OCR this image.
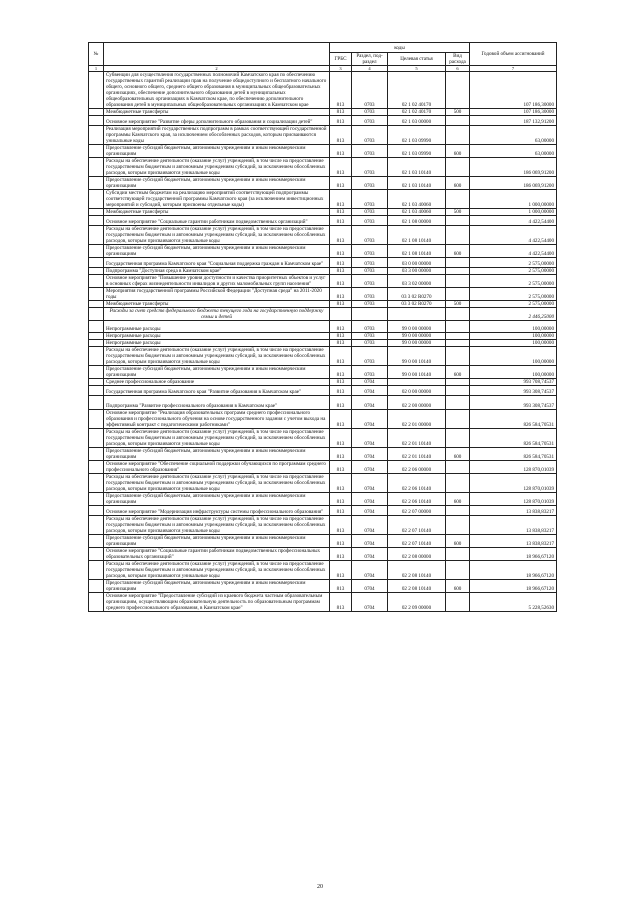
№		коды				Годовой объем ассигнований
		ГРБС	Раздел, под-раздел	Целевая статья	Вид расхода	
1	2	3	4	5	6	7
	Субвенции для осуществления государственных полномочий Камчатского края по обеспечению государственных гарантий реализации прав на получение общедоступного и бесплатного начального общего, основного общего, среднего общего образования в муниципальных общеобразовательных организациях, обеспечение дополнительного образования детей в муниципальных общеобразовательных организациях в Камчатском крае, по обеспечению дополнительного образования детей в муниципальных общеобразовательных организациях в Камчатском крае	813	0703	02 1 02 40170		107 186,30000
	Межбюджетные трансферты	813	0703	02 1 02 40170	500	107 186,30000
	Основное мероприятие "Развитие сферы дополнительного образования и социализации детей"	813	0703	02 1 03 00000		187 132,91200
	Реализация мероприятий государственных подпрограмм в рамках соответствующей государственной программы Камчатского края, за исключением обособленных расходов, которым присваиваются уникальные коды	813	0703	02 1 03 09990		63,00000
	Предоставление субсидий бюджетным, автономным учреждениям и иным некоммерческим организациям	813	0703	02 1 03 09990	600	63,00000
	Расходы на обеспечение деятельности (оказание услуг) учреждений, в том числе на предоставление государственным бюджетным и автономным учреждениям субсидий, за исключением обособленных расходов, которым присваиваются уникальные коды	813	0703	02 1 03 10140		186 069,91200
	Предоставление субсидий бюджетным, автономным учреждениям и иным некоммерческим организациям	813	0703	02 1 03 10140	600	186 069,91200
	Субсидии местным бюджетам на реализацию мероприятий соответствующей подпрограммы соответствующей государственной программы Камчатского края (за исключением инвестиционных мероприятий и субсидий, которым присвоены отдельные коды)	813	0703	02 1 03 40060		1 000,00000
	Межбюджетные трансферты	813	0703	02 1 03 40060	500	1 000,00000
	Основное мероприятие "Социальные гарантии работникам подведомственных организаций"	813	0703	02 1 08 00000		4 422,54400
	Расходы на обеспечение деятельности (оказание услуг) учреждений, в том числе на предоставление государственным бюджетным и автономным учреждениям субсидий, за исключением обособленных расходов, которым присваиваются уникальные коды	813	0703	02 1 08 10140		4 422,54400
	Предоставление субсидий бюджетным, автономным учреждениям и иным некоммерческим организациям	813	0703	02 1 08 10140	600	4 422,54400
	Государственная программа Камчатского края "Социальная поддержка граждан в Камчатском крае"	813	0703	03 0 00 00000		2 575,00000
	Подпрограмма "Доступная среда в Камчатском крае"	813	0703	03 3 00 00000		2 575,00000
	Основное мероприятие "Повышение уровня доступности и качества приоритетных объектов и услуг в основных сферах жизнедеятельности инвалидов и других маломобильных групп населения"	813	0703	03 3 02 00000		2 575,00000
	Мероприятия государственной программы Российской Федерации "Доступная среда" на 2011-2020 годы	813	0703	03 3 02 R0270		2 575,00000
	Межбюджетные трансферты	813	0703	03 3 02 R0270	500	2 575,00000
	Расходы за счет средств федерального бюджета текущего года на государственную поддержку семьи и детей					2 446,25000
	Непрограммные расходы	813	0703	99 0 00 00000		100,00000
	Непрограммные расходы	813	0703	99 0 00 00000		100,00000
	Непрограммные расходы	813	0703	99 0 00 00000		100,00000
	Расходы на обеспечение деятельности (оказание услуг) учреждений, в том числе на предоставление государственным бюджетным и автономным учреждениям субсидий, за исключением обособленных расходов, которым присваиваются уникальные коды	813	0703	99 0 00 10140		100,00000
	Предоставление субсидий бюджетным, автономным учреждениям и иным некоммерческим организациям	813	0703	99 0 00 10140	600	100,00000
	Среднее профессиональное образование	813	0704			993 708,74537
	Государственная программа Камчатского края "Развитие образования в Камчатском крае"	813	0704	02 0 00 00000		993 308,74537
	Подпрограмма "Развитие профессионального образования в Камчатском крае"	813	0704	02 2 00 00000		993 308,74537
	Основное мероприятие "Реализация образовательных программ среднего профессионального образования и профессионального обучения на основе государственного задания с учетом выхода на эффективный контракт с педагогическими работниками"	813	0704	02 2 01 00000		826 584,70531
	Расходы на обеспечение деятельности (оказание услуг) учреждений, в том числе на предоставление государственным бюджетным и автономным учреждениям субсидий, за исключением обособленных расходов, которым присваиваются уникальные коды	813	0704	02 2 01 10140		826 584,70531
	Предоставление субсидий бюджетным, автономным учреждениям и иным некоммерческим организациям	813	0704	02 2 01 10140	600	826 584,70531
	Основное мероприятие "Обеспечение социальной поддержки обучающихся по программам среднего профессионального образования"	813	0704	02 2 06 00000		128 870,01039
	Расходы на обеспечение деятельности (оказание услуг) учреждений, в том числе на предоставление государственным бюджетным и автономным учреждениям субсидий, за исключением обособленных расходов, которым присваиваются уникальные коды	813	0704	02 2 06 10140		128 870,01039
	Предоставление субсидий бюджетным, автономным учреждениям и иным некоммерческим организациям	813	0704	02 2 06 10140	600	128 870,01039
	Основное мероприятие "Модернизация инфраструктуры системы профессионального образования"	813	0704	02 2 07 00000		13 838,83217
	Расходы на обеспечение деятельности (оказание услуг) учреждений, в том числе на предоставление государственным бюджетным и автономным учреждениям субсидий, за исключением обособленных расходов, которым присваиваются уникальные коды	813	0704	02 2 07 10140		13 838,83217
	Предоставление субсидий бюджетным, автономным учреждениям и иным некоммерческим организациям	813	0704	02 2 07 10140	600	13 838,83217
	Основное мероприятие "Социальные гарантии работникам подведомственных профессиональных образовательных организаций"	813	0704	02 2 08 00000		18 966,67120
	Расходы на обеспечение деятельности (оказание услуг) учреждений, в том числе на предоставление государственным бюджетным и автономным учреждениям субсидий, за исключением обособленных расходов, которым присваиваются уникальные коды	813	0704	02 2 08 10140		18 966,67120
	Предоставление субсидий бюджетным, автономным учреждениям и иным некоммерческим организациям	813	0704	02 2 08 10140	600	18 966,67120
	Основное мероприятие "Предоставление субсидий из краевого бюджета частным образовательным организациям, осуществляющим образовательную деятельность по образовательным программам среднего профессионального образования, в Камчатском крае"	813	0704	02 2 09 00000		5 228,52630
20
